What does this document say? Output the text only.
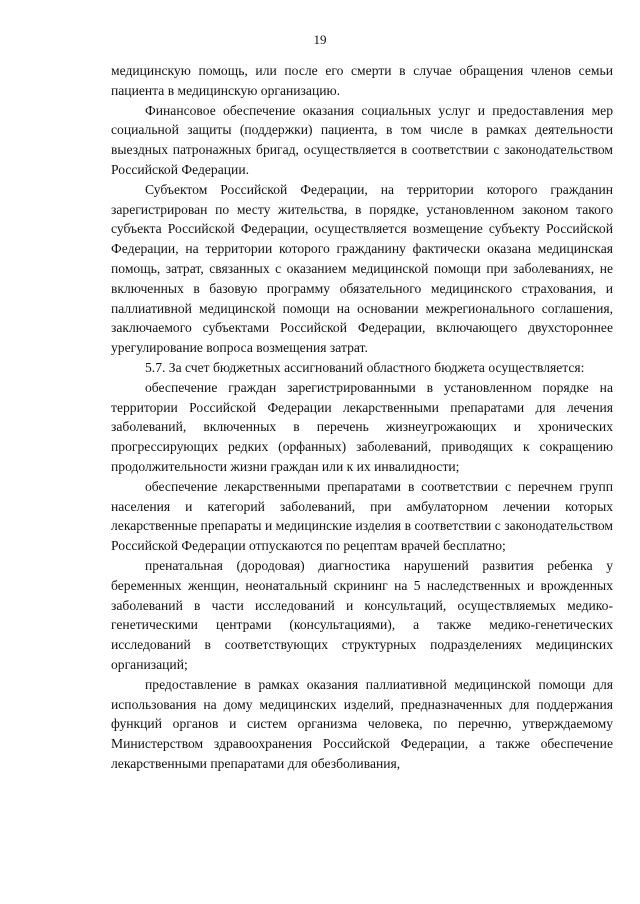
19

медицинскую помощь, или после его смерти в случае обращения членов семьи пациента в медицинскую организацию.

Финансовое обеспечение оказания социальных услуг и предоставления мер социальной защиты (поддержки) пациента, в том числе в рамках деятельности выездных патронажных бригад, осуществляется в соответствии с законодательством Российской Федерации.

Субъектом Российской Федерации, на территории которого гражданин зарегистрирован по месту жительства, в порядке, установленном законом такого субъекта Российской Федерации, осуществляется возмещение субъекту Российской Федерации, на территории которого гражданину фактически оказана медицинская помощь, затрат, связанных с оказанием медицинской помощи при заболеваниях, не включенных в базовую программу обязательного медицинского страхования, и паллиативной медицинской помощи на основании межрегионального соглашения, заключаемого субъектами Российской Федерации, включающего двухстороннее урегулирование вопроса возмещения затрат.

5.7. За счет бюджетных ассигнований областного бюджета осуществляется:

обеспечение граждан зарегистрированными в установленном порядке на территории Российской Федерации лекарственными препаратами для лечения заболеваний, включенных в перечень жизнеугрожающих и хронических прогрессирующих редких (орфанных) заболеваний, приводящих к сокращению продолжительности жизни граждан или к их инвалидности;

обеспечение лекарственными препаратами в соответствии с перечнем групп населения и категорий заболеваний, при амбулаторном лечении которых лекарственные препараты и медицинские изделия в соответствии с законодательством Российской Федерации отпускаются по рецептам врачей бесплатно;

пренатальная (дородовая) диагностика нарушений развития ребенка у беременных женщин, неонатальный скрининг на 5 наследственных и врожденных заболеваний в части исследований и консультаций, осуществляемых медико-генетическими центрами (консультациями), а также медико-генетических исследований в соответствующих структурных подразделениях медицинских организаций;

предоставление в рамках оказания паллиативной медицинской помощи для использования на дому медицинских изделий, предназначенных для поддержания функций органов и систем организма человека, по перечню, утверждаемому Министерством здравоохранения Российской Федерации, а также обеспечение лекарственными препаратами для обезболивания,
